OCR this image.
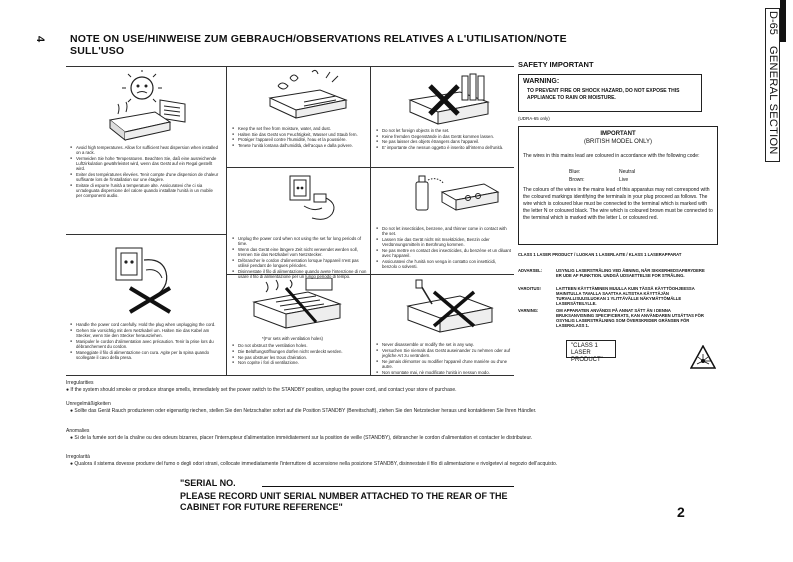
4
2
NOTE ON USE/HINWEISE ZUM GEBRAUCH/OBSERVATIONS RELATIVES A L'UTILISATION/NOTE
SULL'USO
D-65
GENERAL SECTION
● Avoid high temperatures. Allow for sufficient heat dispersion when installed on a rack.
● Vermeiden Sie hohe Temperaturen. Beachten Sie, daß eine ausreichende Luftzirkulation gewährleistet wird, wenn das Gerät auf ein Regal gestellt wird.
● Eviter des températures élevées. Tenir compte d'une dispersion de chaleur suffisante lors de l'installation sur une étagère.
● Evitate di esporre l'unità a temperature alte. Assicuratevi che ci sia un'adeguata dispersione del calore quando installate l'unità in un mobile per componenti audio.
● Keep the set free from moisture, water, and dust.
● Halten Sie das Gerät von Feuchtigkeit, Wasser und Staub fern.
● Protéger l'appareil contre l'humidité, l'eau et la poussière.
● Tenete l'unità lontana dall'umidità, dell'acqua e dalla polvere.
● Do not let foreign objects in the set.
● Keine fremden Gegenstände in das Gerät kommen lassen.
● Ne pas laisser des objets étrangers dans l'appareil.
● E' importante che nessun oggetto è inserito all'interno dell'unità.
● Unplug the power cord when not using the set for long periods of time.
● Wenn das Gerät eine längere Zeit nicht verwendet werden soll, trennen Sie das Netzkabel vom Netzstecker.
● Débrancher le cordon d'alimentation lorsque l'appareil n'est pas utilisé pendant de longues périodes.
● Disinnestate il filo di alimentazione quando avete l'intenzione di non usare il filo di alimentazione per un lungo periodo di tempo.
● Do not let insecticides, benzene, and thinner come in contact with the set.
● Lassen Sie das Gerät nicht mit Insektiziden, Benzin oder Verdünnungsmitteln in Berührung kommen.
● Ne pas mettre en contact des insecticides, du benzène et un diluant avec l'appareil.
● Assicuratevi che l'unità non venga in contatto con insetticidi, benzolo o solventi.
● Handle the power cord carefully. Hold the plug when unplugging the cord.
● Gehen Sie vorsichtig mit dem Netzkabel um. Halten Sie das Kabel am Stecker, wenn Sie den Stecker herausziehen.
● Manipuler le cordon d'alimentation avec précaution. Tenir la prise lors du débranchement du cordon.
● Maneggiate il filo di alimentazione con cura. Agite per la spina quando scollegate il cavo della presa.
*(For sets with ventilation holes)
● Do not obstruct the ventilation holes.
● Die Belüftungsöffnungen dürfen nicht verdeckt werden.
● Ne pas obstruer les trous d'aération.
● Non coprite i fori di ventilazione.
● Never disassemble or modify the set in any way.
● Versuchen Sie niemals das Gerät auseinander zu nehmen oder auf jegliche Art zu verändern.
● Ne jamais démonter ou modifier l'appareil d'une manière ou d'une autre.
● Non smontate mai, nè modificate l'unità in nessun modo.
SAFETY IMPORTANT
WARNING:
TO PREVENT FIRE OR SHOCK HAZARD, DO NOT EXPOSE THIS APPLIANCE TO RAIN OR MOISTURE.
(UDRA-65 only)
IMPORTANT
(BRITISH MODEL ONLY)
The wires in this mains lead are coloured in accordance with the following code:
Blue:	Neutral
Brown:	Live
The colours of the wires in the mains lead of this apparatus may not correspond with the coloured markings identifying the terminals in your plug proceed as follows. The wire which is coloured blue must be connected to the terminal which is marked with the letter N or coloured black. The wire which is coloured brown must be connected to the terminal which is marked with the letter L or coloured red.
CLASS 1 LASER PRODUCT / LUOKAN 1 LASERLAITE / KLASS 1 LASERAPPARAT
ADVARSEL:	USYNLIG LASERSTRÅLING VED ÅBNING, NÅR SIKKERHEDSAFBRYDERE ER UDE AF FUNKTION. UNDGÅ UDSAETTELSE FOR STRÅLING.
VAROITUS!	LAITTEEN KÄYTTÄMINEN MUULLA KUIN TÄSSÄ KÄYTTÖOHJEESSA MAINITULLA TAVALLA SAATTAA ALTISTAA KÄYTTÄJÄN TURVALLISUUSLUOKAN 1 YLITTÄVÄLLE NÄKYMÄTTÖMÄLLE LASERSÄTEILYLLE.
VARNING:	OM APPARATEN ANVÄNDS PÅ ANNAT SÄTT ÄN I DENNA BRUKSANVISNING SPECIFICERATS, KAN ANVÄNDAREN UTSÄTTAS FÖR OSYNLIG LASERSTRÅLNING SOM ÖVERSKRIDER GRÄNSEN FÖR LASERKLASS 1.
"CLASS 1
LASER PRODUCT"
Irregularities
● If the system should smoke or produce strange smells, immediately set the power switch to the STANDBY position, unplug the power cord, and contact your store of purchase.
Unregelmäßigkeiten
● Sollte das Gerät Rauch produzieren oder eigenartig riechen, stellen Sie den Netzschalter sofort auf die Position STANDBY (Bereitschaft), ziehen Sie den Netzstecker heraus und kontaktieren Sie Ihren Händler.
Anomalies
● Si de la fumée sort de la chaîne ou des odeurs bizarres, placer l'interrupteur d'alimentation immédiatement sur la position de veille (STANDBY), débrancher le cordon d'alimentation et contacter le distributeur.
Irregolarità
● Qualora il sistema dovesse produrre del fumo o degli odori strani, collocate immediatamente l'interruttore di accensione nella posizione STANDBY, disinnestate il filo di alimentazione e rivolgetevi al negozio dell'acquisto.
"SERIAL NO.
PLEASE RECORD UNIT SERIAL NUMBER ATTACHED TO THE REAR OF THE
CABINET FOR FUTURE REFERENCE"
